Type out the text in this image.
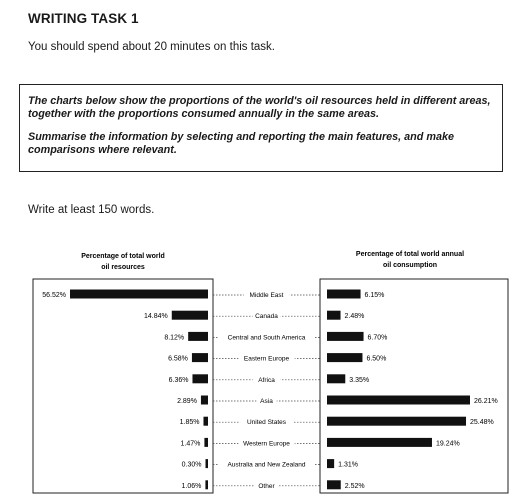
WRITING TASK 1
You should spend about 20 minutes on this task.

The charts below show the proportions of the world's oil resources held in different areas, together with the proportions consumed annually in the same areas.

Summarise the information by selecting and reporting the main features, and make comparisons where relevant.

Write at least 150 words.
Percentage of total world
oil resources
Percentage of total world annual
oil consumption
56.52%	6.15%
Middle East
14.84%	2.48%
Canada
8.12%	6.70%
Central and South America
6.58%	6.50%
Eastern Europe
6.36%	3.35%
Africa
2.89%	26.21%
Asia
1.85%	25.48%
United States
1.47%	19.24%
Western Europe
0.30%	1.31%
Australia and New Zealand
1.06%	2.52%
Other
